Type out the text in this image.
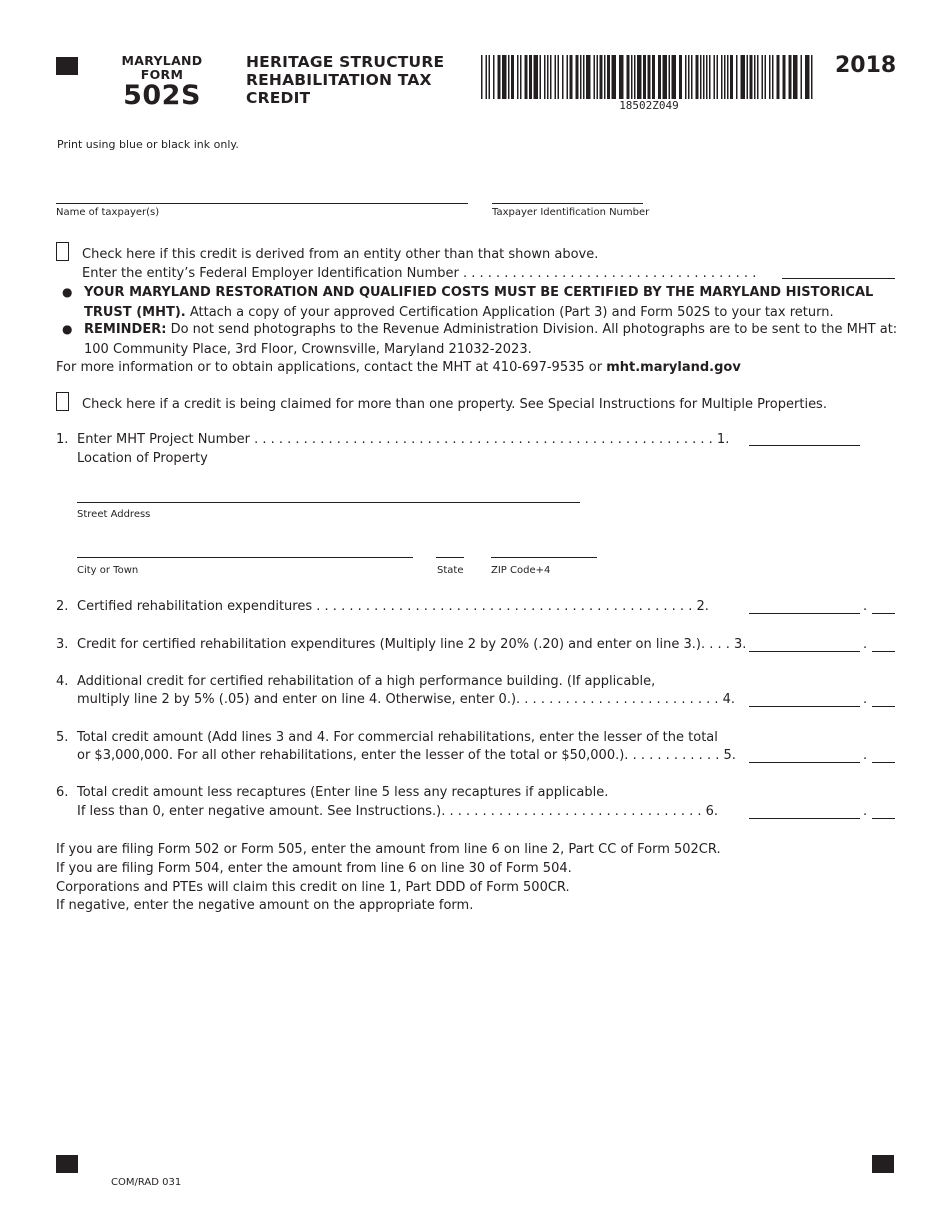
MARYLAND
FORM
502S
HERITAGE STRUCTURE
REHABILITATION TAX
CREDIT	18502Z049
2018
Print using blue or black ink only.
Name of taxpayer(s)	Taxpayer Identification Number
Check here if this credit is derived from an entity other than that shown above.
Enter the entity’s Federal Employer Identification Number . . . . . . . . . . . . . . . . . . . . . . . . . . . . . . . . . . . .
● YOUR MARYLAND RESTORATION AND QUALIFIED COSTS MUST BE CERTIFIED BY THE MARYLAND HISTORICAL
TRUST (MHT). Attach a copy of your approved Certification Application (Part 3) and Form 502S to your tax return.
● REMINDER: Do not send photographs to the Revenue Administration Division. All photographs are to be sent to the MHT at:
100 Community Place, 3rd Floor, Crownsville, Maryland 21032-2023.
For more information or to obtain applications, contact the MHT at 410-697-9535 or mht.maryland.gov
Check here if a credit is being claimed for more than one property. See Special Instructions for Multiple Properties.
1. Enter MHT Project Number . . . . . . . . . . . . . . . . . . . . . . . . . . . . . . . . . . . . . . . . . . . . . . . . . . . . . . . . 1.
Location of Property
Street Address
City or Town	State	ZIP Code+4
2. Certified rehabilitation expenditures . . . . . . . . . . . . . . . . . . . . . . . . . . . . . . . . . . . . . . . . . . . . . . 2.	.
3. Credit for certified rehabilitation expenditures (Multiply line 2 by 20% (.20) and enter on line 3.). . . . 3.	.
4. Additional credit for certified rehabilitation of a high performance building. (If applicable,
multiply line 2 by 5% (.05) and enter on line 4. Otherwise, enter 0.). . . . . . . . . . . . . . . . . . . . . . . . . 4.	.
5. Total credit amount (Add lines 3 and 4. For commercial rehabilitations, enter the lesser of the total
or $3,000,000. For all other rehabilitations, enter the lesser of the total or $50,000.). . . . . . . . . . . . 5.	.
6. Total credit amount less recaptures (Enter line 5 less any recaptures if applicable.
If less than 0, enter negative amount. See Instructions.). . . . . . . . . . . . . . . . . . . . . . . . . . . . . . . . 6.	.
If you are filing Form 502 or Form 505, enter the amount from line 6 on line 2, Part CC of Form 502CR.
If you are filing Form 504, enter the amount from line 6 on line 30 of Form 504.
Corporations and PTEs will claim this credit on line 1, Part DDD of Form 500CR.
If negative, enter the negative amount on the appropriate form.
COM/RAD 031
